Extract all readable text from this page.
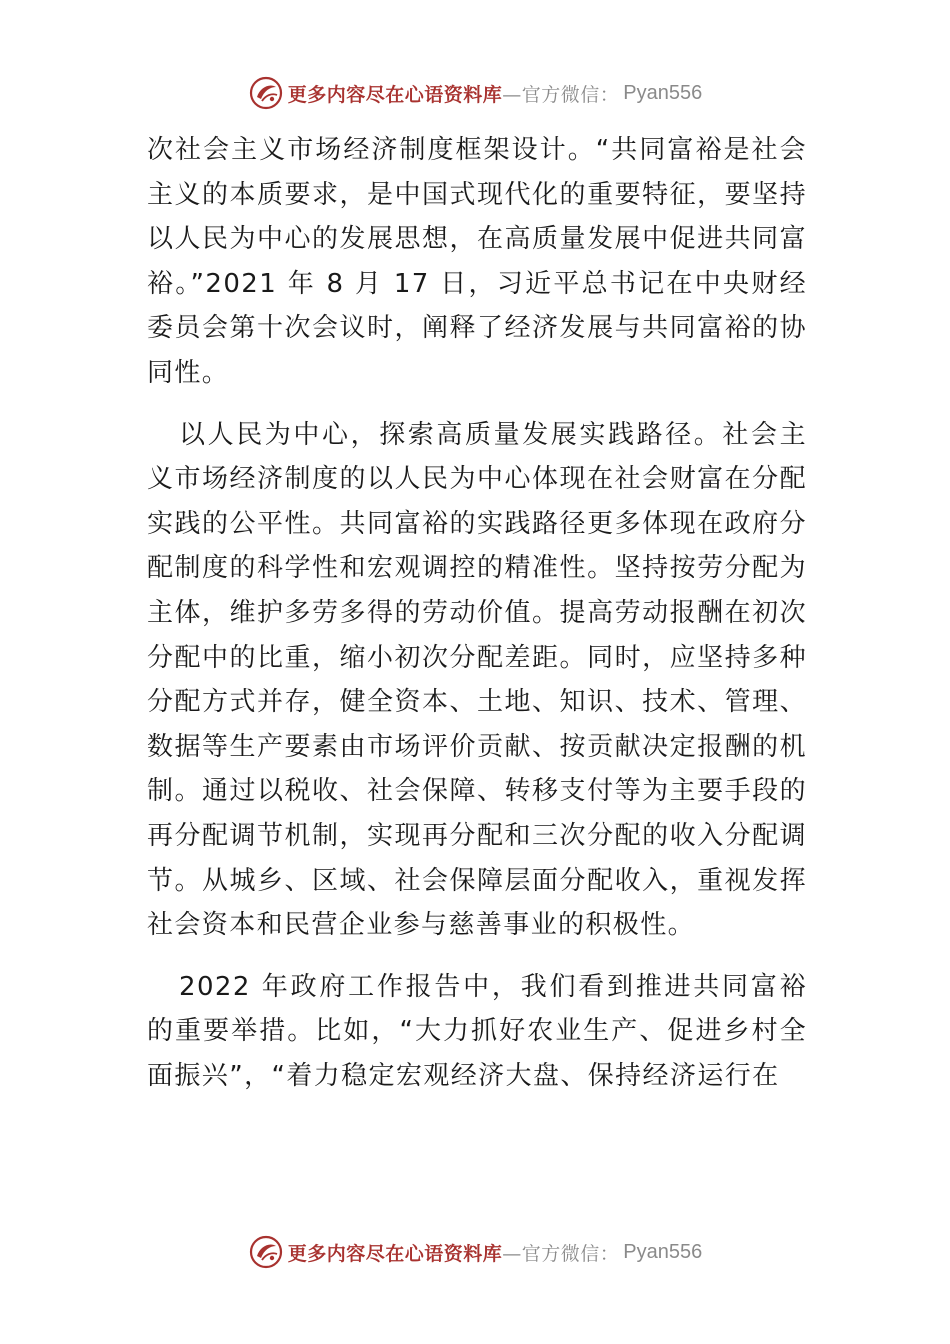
更多内容尽在心语资料库 —官方微信： Pyan556

次社会主义市场经济制度框架设计。“共同富裕是社会主义的本质要求，是中国式现代化的重要特征，要坚持以人民为中心的发展思想，在高质量发展中促进共同富裕。”2021 年 8 月 17 日，习近平总书记在中央财经委员会第十次会议时，阐释了经济发展与共同富裕的协同性。

以人民为中心，探索高质量发展实践路径。社会主义市场经济制度的以人民为中心体现在社会财富在分配实践的公平性。共同富裕的实践路径更多体现在政府分配制度的科学性和宏观调控的精准性。坚持按劳分配为主体，维护多劳多得的劳动价值。提高劳动报酬在初次分配中的比重，缩小初次分配差距。同时，应坚持多种分配方式并存，健全资本、土地、知识、技术、管理、数据等生产要素由市场评价贡献、按贡献决定报酬的机制。通过以税收、社会保障、转移支付等为主要手段的再分配调节机制，实现再分配和三次分配的收入分配调节。从城乡、区域、社会保障层面分配收入，重视发挥社会资本和民营企业参与慈善事业的积极性。

2022 年政府工作报告中，我们看到推进共同富裕的重要举措。比如，“大力抓好农业生产、促进乡村全面振兴”，“着力稳定宏观经济大盘、保持经济运行在

更多内容尽在心语资料库 —官方微信： Pyan556
